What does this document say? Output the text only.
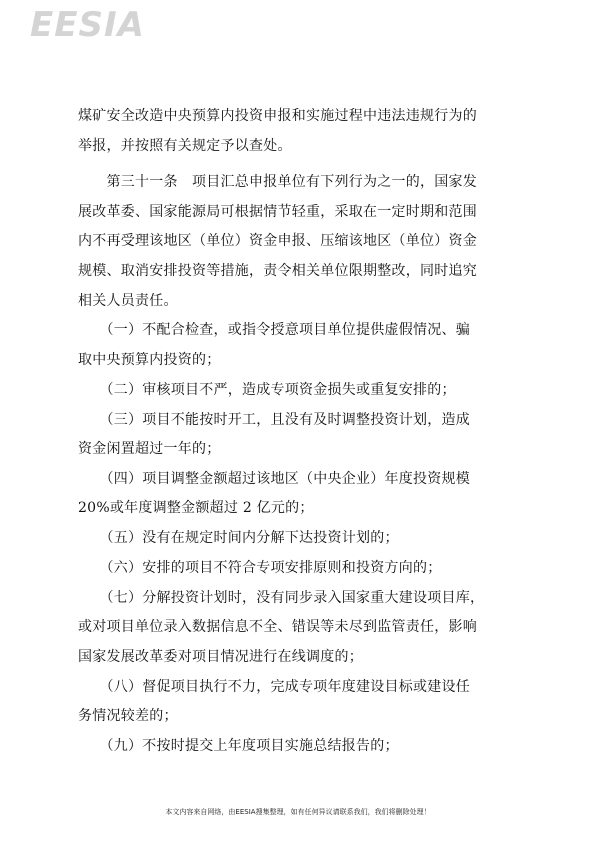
EESIA
煤矿安全改造中央预算内投资申报和实施过程中违法违规行为的
举报，并按照有关规定予以查处。
　　第三十一条　项目汇总申报单位有下列行为之一的，国家发
展改革委、国家能源局可根据情节轻重，采取在一定时期和范围
内不再受理该地区（单位）资金申报、压缩该地区（单位）资金
规模、取消安排投资等措施，责令相关单位限期整改，同时追究
相关人员责任。
　　（一）不配合检查，或指令授意项目单位提供虚假情况、骗
取中央预算内投资的；
　　（二）审核项目不严，造成专项资金损失或重复安排的；
　　（三）项目不能按时开工，且没有及时调整投资计划，造成
资金闲置超过一年的；
　　（四）项目调整金额超过该地区（中央企业）年度投资规模
20%或年度调整金额超过 2 亿元的；
　　（五）没有在规定时间内分解下达投资计划的；
　　（六）安排的项目不符合专项安排原则和投资方向的；
　　（七）分解投资计划时，没有同步录入国家重大建设项目库，
或对项目单位录入数据信息不全、错误等未尽到监管责任，影响
国家发展改革委对项目情况进行在线调度的；
　　（八）督促项目执行不力，完成专项年度建设目标或建设任
务情况较差的；
　　（九）不按时提交上年度项目实施总结报告的；
本文内容来自网络，由EESIA搜集整理，如有任何异议请联系我们，我们将删除处理！
